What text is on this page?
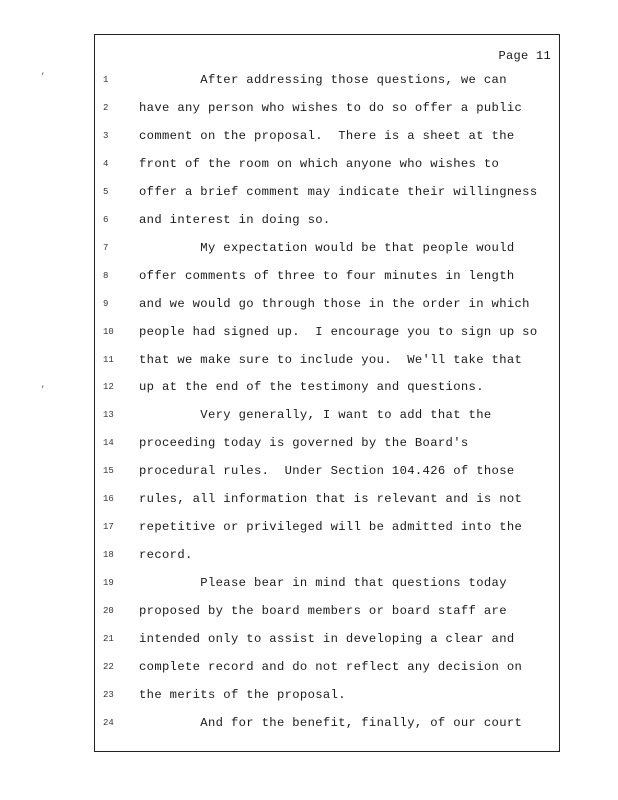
’
’
Page 11
1	After addressing those questions, we can
2	have any person who wishes to do so offer a public
3	comment on the proposal.  There is a sheet at the
4	front of the room on which anyone who wishes to
5	offer a brief comment may indicate their willingness
6	and interest in doing so.
7	My expectation would be that people would
8	offer comments of three to four minutes in length
9	and we would go through those in the order in which
10	people had signed up.  I encourage you to sign up so
11	that we make sure to include you.  We'll take that
12	up at the end of the testimony and questions.
13	Very generally, I want to add that the
14	proceeding today is governed by the Board's
15	procedural rules.  Under Section 104.426 of those
16	rules, all information that is relevant and is not
17	repetitive or privileged will be admitted into the
18	record.
19	Please bear in mind that questions today
20	proposed by the board members or board staff are
21	intended only to assist in developing a clear and
22	complete record and do not reflect any decision on
23	the merits of the proposal.
24	And for the benefit, finally, of our court
